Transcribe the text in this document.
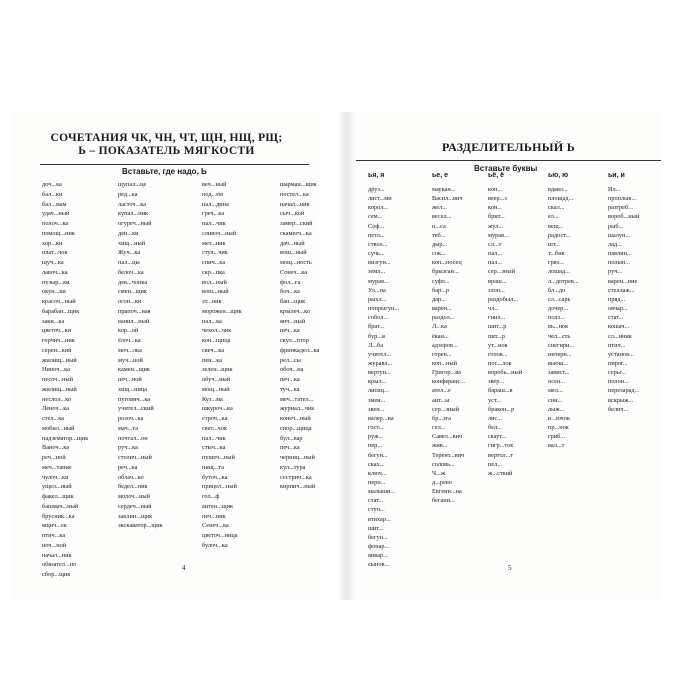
СОЧЕТАНИЯ ЧК, ЧН, ЧТ, ЩН, НЩ, РЩ;
Ь – ПОКАЗАТЕЛЬ МЯГКОСТИ
Вставьте, где надо, Ь
доч...ка
бал...ки
бал...мам
удач...ный
полоч...ка
помощ...ник
хор...ки
плат...чок
щуч...ка
лавоч...ка
пузыр...ки
окун...ки
красоч...ный
барабан...щик
заки...ка
цветоч...ки
горчич...ник
серен...кий
жилищ...ный
Ниноч...ка
песоч...ный
жилищ...ный
неслол...ко
Леноч...ка
стел...ка
мобил...ный
надзематор...щик
Ваноч...ка
реч...ной
меч...тание
чулоч...ки
ущел...ный
факел...щик
башмач...ный
брусник...ка
ящич...ек
птич...ка
ноч...ной
начал...ник
обязател...но
сбор...щик
щупал...це
ред...ка
ласточ...ка
купал...ник
огуреч...ный
ден...ки
хищ...ный
Жуч...ка
пал...цы
белоч...ка
дев...чонка
смен...щик
огон...ки
прапоч...ная
ванил...ный
кор...ой
ёлоч...ка
моч...лка
муч...ной
камен...щик
печ...ной
хищ...ница
пугович...ка
учител...ский
розоч...ка
мач...та
почтал...он
руч...ка
столич...ный
реч...ка
облач...ко
бедел...ник
молоч...ный
сердеч...ный
заклин...щик
экскаватор...щик
веч...ный
под...ем
пал...дина
греч...ка
пал...чик
сливоч...ный
мет...ник
стул...чик
спич...ка
скр...пка
вол...ный
вош...ный
эт...ник
морожен...щик
пал...ка
чехол...чик
кон...щица
свеч...ка
пен...ка
зелен...щик
обуч...ный
мощ...ный
Куз...ма
шкуроч...ка
строч...ка
свет...чок
пал...чик
стыч...ка
пушеч...ный
нищ...та
буточ...ка
прицел...ный
гол...ф
антен...щик
печ...ник
Сенеч...ка
цветоч...ница
булоч...ка
шарман...щик
постел...ка
начал...ник
сыч...кой
замер...ский
скамееч...ка
дач...ный
вош...ный
мощ...ность
Сонеч...ка
фол...га
боч...ка
бан...щик
крылеч...ко
янч...ный
печ...ка
скул...птор
фринкадел...ка
рел...сы
обоч...на
печ...ка
туч...ка
меч...тател...
журнал...чик
конеч...ный
спор...щица
бул...вар
печ...ка
черниц...ный
кул...тура
сестрич...ка
кирпич...ный
4
РАЗДЕЛИТЕЛЬНЫЙ Ь
Вставьте буквы
ья, я	ье, е	ьё, ё	ью, ю	ьи, и
друз...
лист...ми
корол...
сем...
Соф...
петл...
ствол...
сучь...
визгун...
земл...
мурав...
Ул...на
рыхл...
попрыгун...
собол...
брат...
бур...я
Л...ба
учител...
журавл...
вертун...
крыл...
лисиц...
змеи...
звен...
валер...на
гост...
руж...
пер...
бегун...
сках...
ключ...
перн...
малыши...
стат...
ступ...
втихар...
шит...
бегун...
фонар...
январ...
сынов...
маукан...
Васил...вич
жел...
весел...
п...са
теб...
дыр...
сок...
коп...носец
брызган...
суфл...
бар...р
дар...
варен...
раздол...
Л...ка
ёкан...
адзоров...
горен...
коп...ный
Григор...ва
конферанс...
ател...е
ант...ы
сер...зный
бр...зга
сел...
Савел...вич
жив...
Терент...вич
соловь...
Ч...ж
д...рево
Евгени...на
бегани...
коп...
веер...з
кон...
брит...
жул...
мурав...
сл...т
пал...
пал...
сер...зный
враш...
злоп...
раздобыл...
чл...
гнил...
шит...р
пит...р
ут...нок
голов...
пос...лок
воробь...ный
звер...
бараш...к
уст...
бракон...р
лис...
бел...
скаут...
гигр...ток
вертол...т
пел...
ж...сткий
вдавл...
площад...
скал...
ел...
вещ...
радост...
шт...
т...бик
гряз...
лошад...
л...дотрев...
бл...до
сл...сарь
дочер...
полз...
вь...нок
чел...сть
снегири...
интерн...
вьюш...
завист...
осен...
мел...
сни...
лыж...
н...ючок
пр...нок
гриб...
вал...т
Ил...
проплыв...
разгреб...
вороб...ный
рыб...
шалун...
лад...
павлин...
полын...
руч...
варен...ние
стеллаж...
пряд...
овчар...
стат...
кошач...
сл...нник
птич...
установ...
пирог...
серьг...
полон...
перезарад...
вскрыж...
белич...
5
